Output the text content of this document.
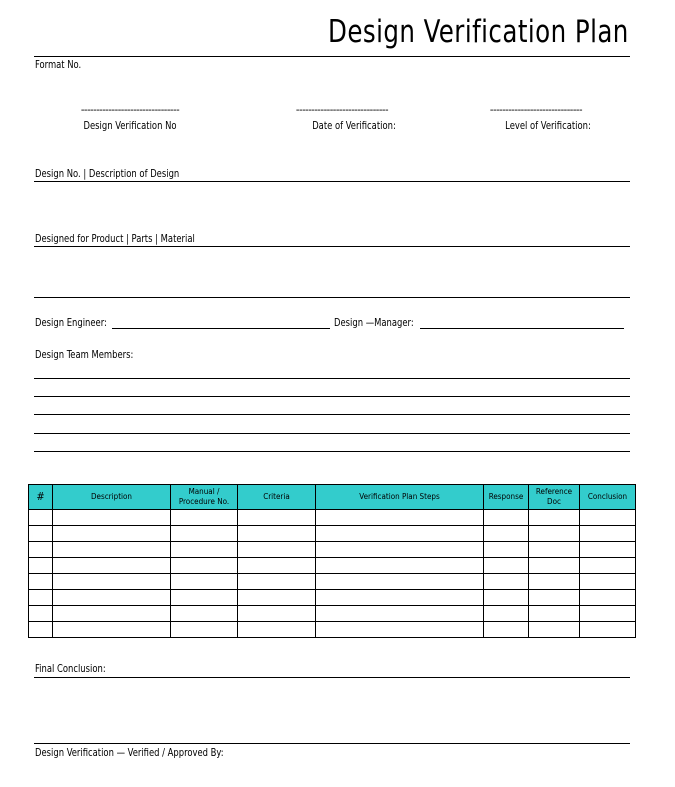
Design Verification Plan
Format No.
--------------------------------
Design Verification No
------------------------------
Date of Verification:
------------------------------
Level of Verification:
Design No. | Description of Design
Designed for Product | Parts | Material
Design Engineer:	Design —Manager:
Design Team Members:
#	Description	Manual / Procedure No.	Criteria	Verification Plan Steps	Response	Reference Doc	Conclusion

Final Conclusion:
Design Verification — Verified / Approved By:
